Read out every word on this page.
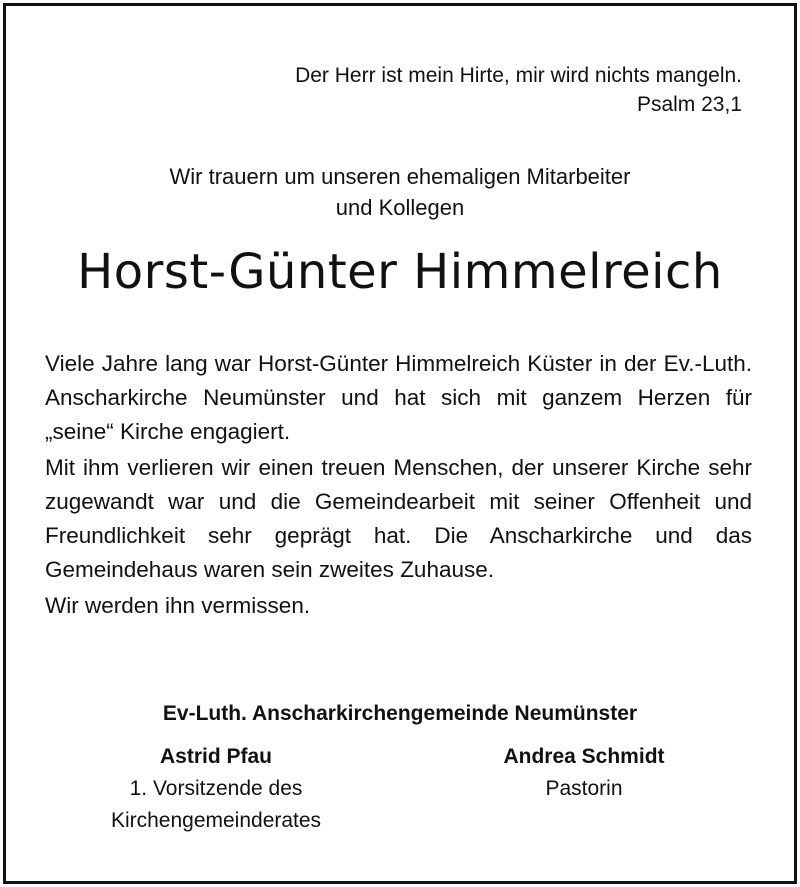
Der Herr ist mein Hirte, mir wird nichts mangeln.
Psalm 23,1
Wir trauern um unseren ehemaligen Mitarbeiter
und Kollegen
Horst-Günter Himmelreich

Viele Jahre lang war Horst-Günter Himmelreich Küster in der Ev.-Luth. Anscharkirche Neumünster und hat sich mit ganzem Herzen für „seine“ Kirche engagiert.

Mit ihm verlieren wir einen treuen Menschen, der unserer Kirche sehr zugewandt war und die Gemeindearbeit mit seiner Offenheit und Freundlichkeit sehr geprägt hat. Die Anscharkirche und das Gemeindehaus waren sein zweites Zuhause.

Wir werden ihn vermissen.

Ev-Luth. Anscharkirchengemeinde Neumünster
Astrid Pfau
1. Vorsitzende des
Kirchengemeinderates
Andrea Schmidt
Pastorin
